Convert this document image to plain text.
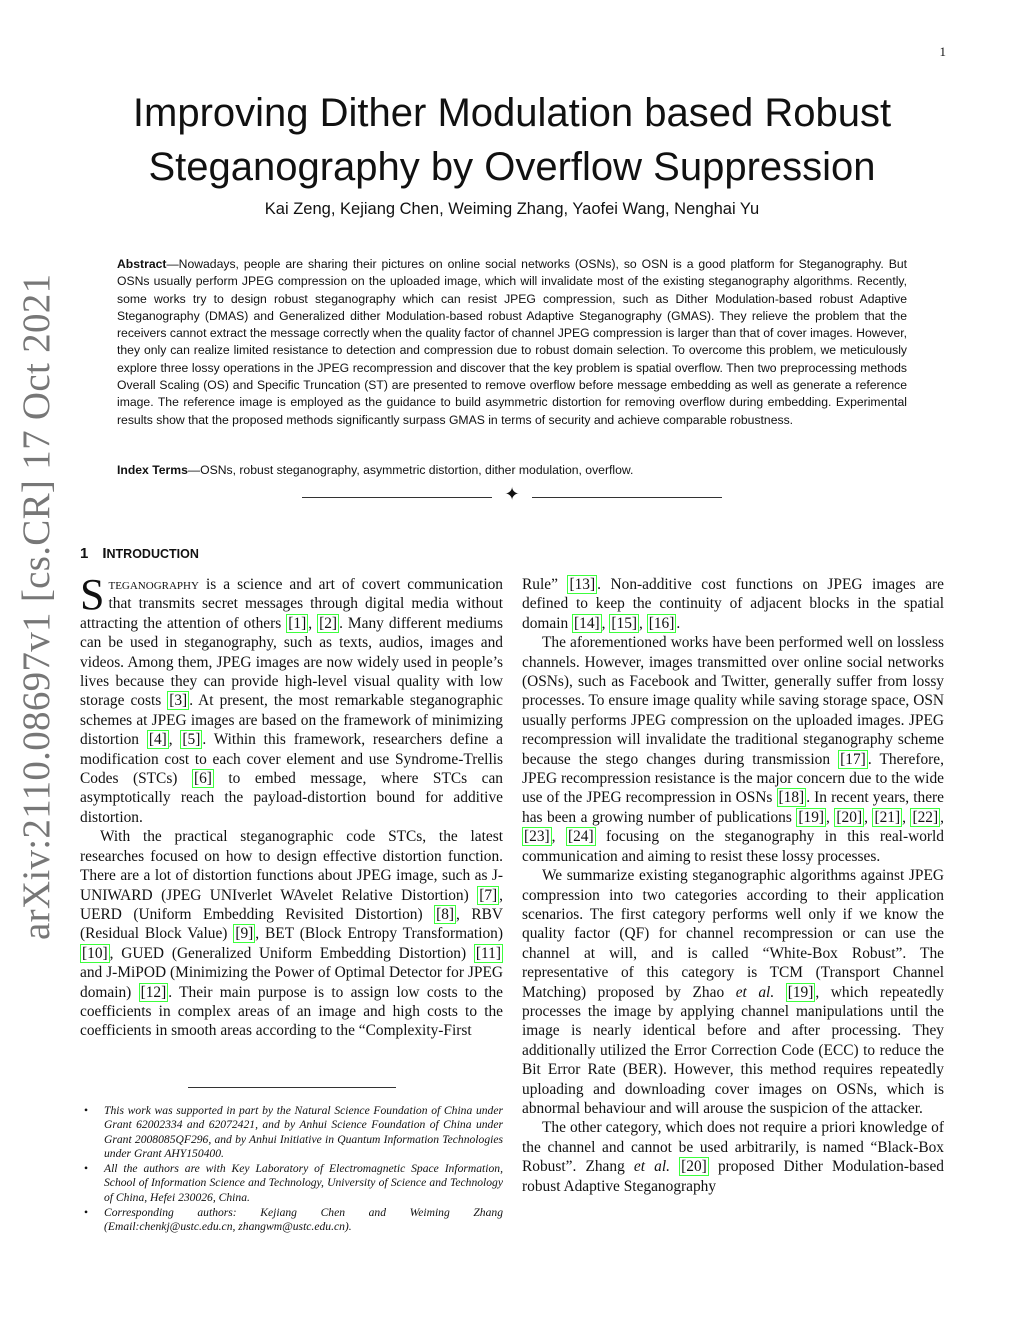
1
arXiv:2110.08697v1 [cs.CR] 17 Oct 2021
Improving Dither Modulation based Robust
Steganography by Overflow Suppression
Kai Zeng, Kejiang Chen, Weiming Zhang, Yaofei Wang, Nenghai Yu
Abstract—Nowadays, people are sharing their pictures on online social networks (OSNs), so OSN is a good platform for Steganography. But OSNs usually perform JPEG compression on the uploaded image, which will invalidate most of the existing steganography algorithms. Recently, some works try to design robust steganography which can resist JPEG compression, such as Dither Modulation-based robust Adaptive Steganography (DMAS) and Generalized dither Modulation-based robust Adaptive Steganography (GMAS). They relieve the problem that the receivers cannot extract the message correctly when the quality factor of channel JPEG compression is larger than that of cover images. However, they only can realize limited resistance to detection and compression due to robust domain selection. To overcome this problem, we meticulously explore three lossy operations in the JPEG recompression and discover that the key problem is spatial overflow. Then two preprocessing methods Overall Scaling (OS) and Specific Truncation (ST) are presented to remove overflow before message embedding as well as generate a reference image. The reference image is employed as the guidance to build asymmetric distortion for removing overflow during embedding. Experimental results show that the proposed methods significantly surpass GMAS in terms of security and achieve comparable robustness.
Index Terms—OSNs, robust steganography, asymmetric distortion, dither modulation, overflow.
✦
1 INTRODUCTION

Steganography is a science and art of covert communication that transmits secret messages through digital media without attracting the attention of others [1] , [2] . Many different mediums can be used in steganography, such as texts, audios, images and videos. Among them, JPEG images are now widely used in people’s lives because they can provide high-level visual quality with low storage costs [3] . At present, the most remarkable steganographic schemes at JPEG images are based on the framework of minimizing distortion [4] , [5] . Within this framework, researchers define a modification cost to each cover element and use Syndrome-Trellis Codes (STCs) [6] to embed message, where STCs can asymptotically reach the payload-distortion bound for additive distortion.

With the practical steganographic code STCs, the latest researches focused on how to design effective distortion function. There are a lot of distortion functions about JPEG image, such as J-UNIWARD (JPEG UNIverlet WAvelet Relative Distortion) [7] , UERD (Uniform Embedding Revisited Distortion) [8] , RBV (Residual Block Value) [9] , BET (Block Entropy Transformation) [10] , GUED (Generalized Uniform Embedding Distortion) [11] and J-MiPOD (Minimizing the Power of Optimal Detector for JPEG domain) [12] . Their main purpose is to assign low costs to the coefficients in complex areas of an image and high costs to the coefficients in smooth areas according to the “Complexity-First

• This work was supported in part by the Natural Science Foundation of China under Grant 62002334 and 62072421, and by Anhui Science Foundation of China under Grant 2008085QF296, and by Anhui Initiative in Quantum Information Technologies under Grant AHY150400.
• All the authors are with Key Laboratory of Electromagnetic Space Information, School of Information Science and Technology, University of Science and Technology of China, Hefei 230026, China.
• Corresponding authors: Kejiang Chen and Weiming Zhang (Email:chenkj@ustc.edu.cn, zhangwm@ustc.edu.cn).

Rule” [13] . Non-additive cost functions on JPEG images are defined to keep the continuity of adjacent blocks in the spatial domain [14] , [15] , [16] .

The aforementioned works have been performed well on lossless channels. However, images transmitted over online social networks (OSNs), such as Facebook and Twitter, generally suffer from lossy processes. To ensure image quality while saving storage space, OSN usually performs JPEG compression on the uploaded images. JPEG recompression will invalidate the traditional steganography scheme because the stego changes during transmission [17] . Therefore, JPEG recompression resistance is the major concern due to the wide use of the JPEG recompression in OSNs [18] . In recent years, there has been a growing number of publications [19] , [20] , [21] , [22] , [23] , [24] focusing on the steganography in this real-world communication and aiming to resist these lossy processes.

We summarize existing steganographic algorithms against JPEG compression into two categories according to their application scenarios. The first category performs well only if we know the quality factor (QF) for channel recompression or can use the channel at will, and is called “White-Box Robust”. The representative of this category is TCM (Transport Channel Matching) proposed by Zhao et al. [19] , which repeatedly processes the image by applying channel manipulations until the image is nearly identical before and after processing. They additionally utilized the Error Correction Code (ECC) to reduce the Bit Error Rate (BER). However, this method requires repeatedly uploading and downloading cover images on OSNs, which is abnormal behaviour and will arouse the suspicion of the attacker.

The other category, which does not require a priori knowledge of the channel and cannot be used arbitrarily, is named “Black-Box Robust”. Zhang et al. [20] proposed Dither Modulation-based robust Adaptive Steganography
